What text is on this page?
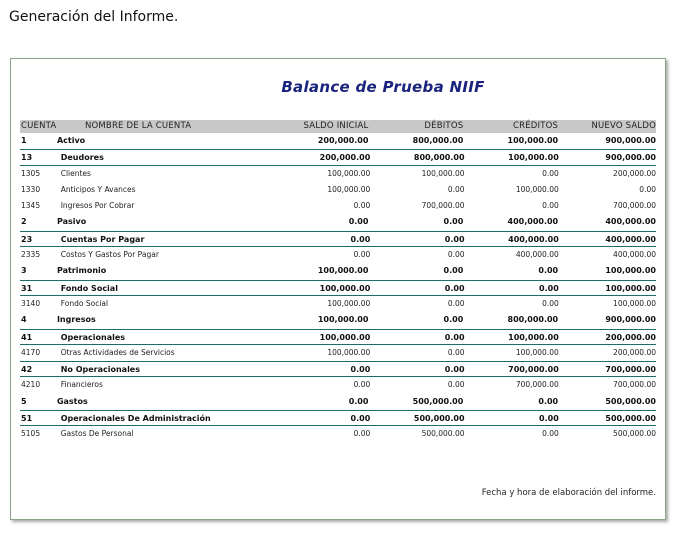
Generación del Informe.
Balance de Prueba NIIF
CUENTA	NOMBRE DE LA CUENTA	SALDO INICIAL	DÉBITOS	CRÉDITOS	NUEVO SALDO
1	Activo	200,000.00	800,000.00	100,000.00	900,000.00
13	Deudores	200,000.00	800,000.00	100,000.00	900,000.00
1305	Clientes	100,000.00	100,000.00	0.00	200,000.00
1330	Anticipos Y Avances	100,000.00	0.00	100,000.00	0.00
1345	Ingresos Por Cobrar	0.00	700,000.00	0.00	700,000.00
2	Pasivo	0.00	0.00	400,000.00	400,000.00
23	Cuentas Por Pagar	0.00	0.00	400,000.00	400,000.00
2335	Costos Y Gastos Por Pagar	0.00	0.00	400,000.00	400,000.00
3	Patrimonio	100,000.00	0.00	0.00	100,000.00
31	Fondo Social	100,000.00	0.00	0.00	100,000.00
3140	Fondo Social	100,000.00	0.00	0.00	100,000.00
4	Ingresos	100,000.00	0.00	800,000.00	900,000.00
41	Operacionales	100,000.00	0.00	100,000.00	200,000.00
4170	Otras Actividades de Servicios	100,000.00	0.00	100,000.00	200,000.00
42	No Operacionales	0.00	0.00	700,000.00	700,000.00
4210	Financieros	0.00	0.00	700,000.00	700,000.00
5	Gastos	0.00	500,000.00	0.00	500,000.00
51	Operacionales De Administración	0.00	500,000.00	0.00	500,000.00
5105	Gastos De Personal	0.00	500,000.00	0.00	500,000.00
Fecha y hora de elaboración del informe.
